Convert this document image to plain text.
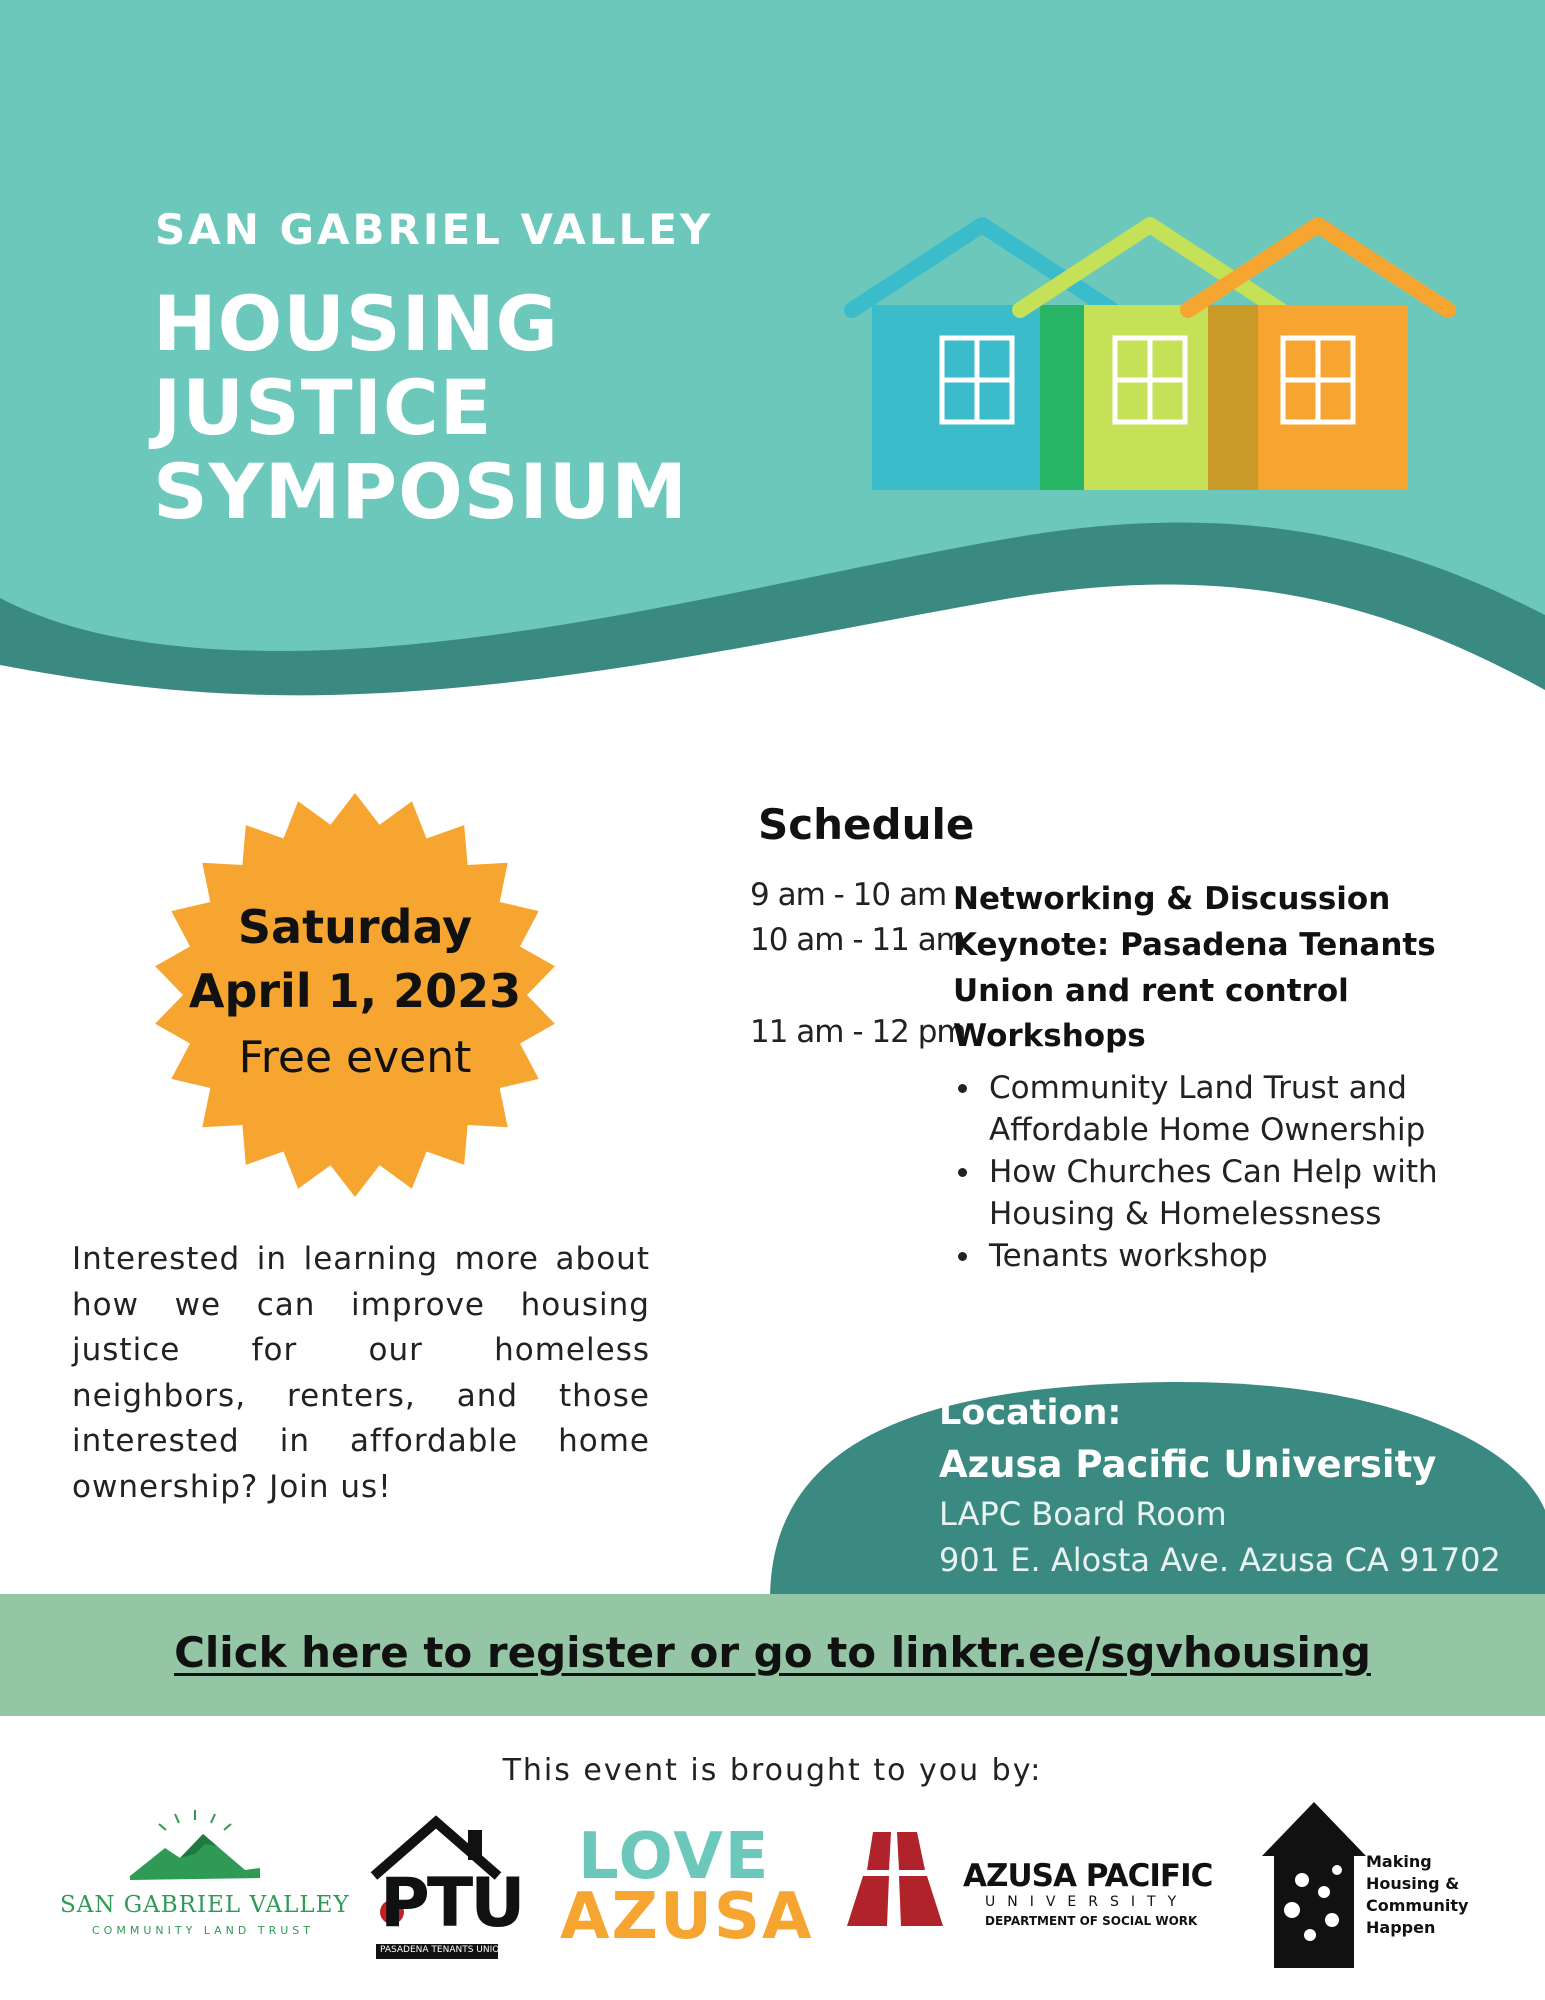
SAN GABRIEL VALLEY
HOUSING
JUSTICE
SYMPOSIUM
Saturday
April 1, 2023
Free event
Interested in learning more about how we can improve housing justice for our homeless neighbors, renters, and those interested in affordable home ownership? Join us!
Schedule
9 am - 10 am Networking & Discussion
10 am - 11 am
Keynote: Pasadena Tenants
Union and rent control
11 am - 12 pm
Workshops
Community Land Trust and Affordable Home Ownership
How Churches Can Help with Housing & Homelessness
Tenants workshop
Location:
Azusa Pacific University
LAPC Board Room
901 E. Alosta Ave. Azusa CA 91702
Click here to register or go to linktr.ee/sgvhousing
This event is brought to you by:
SAN GABRIEL VALLEY
COMMUNITY LAND TRUST PTU
PASADENA TENANTS UNION
LOVE
AZUSA
AZUSA PACIFIC
UNIVERSITY
DEPARTMENT OF SOCIAL WORK
Making
Housing &
Community
Happen
